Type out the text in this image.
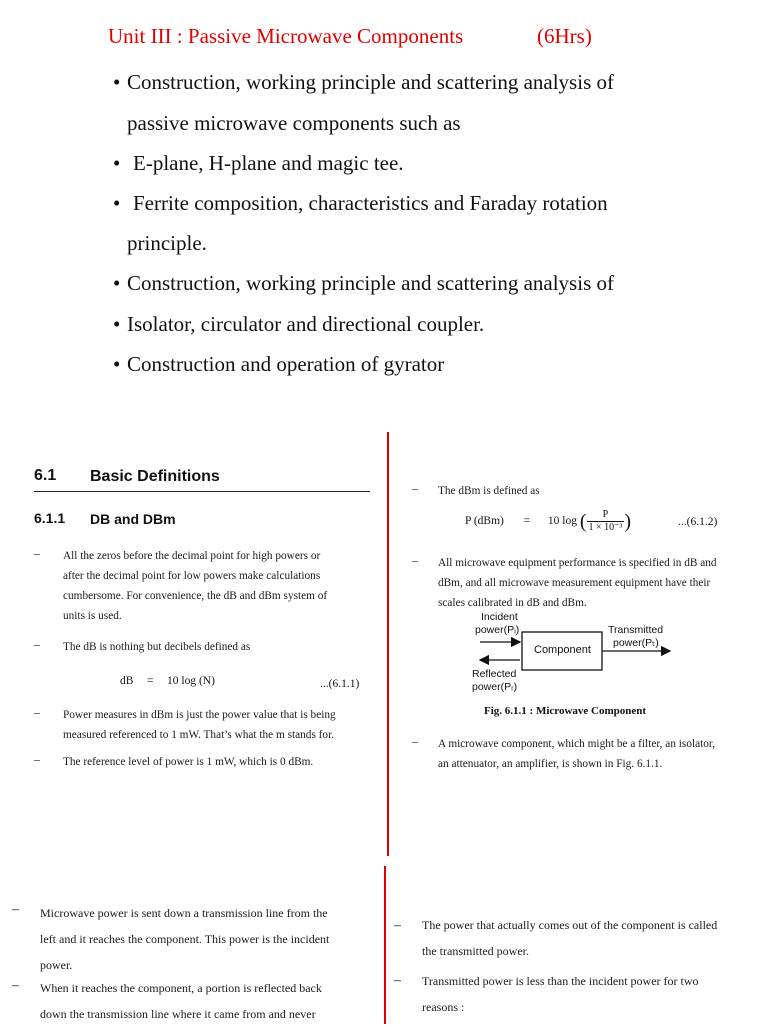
Unit III : Passive Microwave Components	(6Hrs)
• Construction, working principle and scattering analysis of
passive microwave components such as
• E-plane, H-plane and magic tee.
• Ferrite composition, characteristics and Faraday rotation
principle.
• Construction, working principle and scattering analysis of
• Isolator, circulator and directional coupler.
• Construction and operation of gyrator
6.1 Basic Definitions
6.1.1 DB and DBm
– All the zeros before the decimal point for high powers or
after the decimal point for low powers make calculations
cumbersome. For convenience, the dB and dBm system of
units is used.
– The dB is nothing but decibels defined as
dB = 10 log (N)	...(6.1.1)
– Power measures in dBm is just the power value that is being
measured referenced to 1 mW. That’s what the m stands for.
– The reference level of power is 1 mW, which is 0 dBm.
– The dBm is defined as
P (dBm) = 10 log ( $\frac{P}{\text{1 × 10⁻³}}$ )	...(6.1.2)
– All microwave equipment performance is specified in dB and
dBm, and all microwave measurement equipment have their
scales calibrated in dB and dBm.
Component
Incident
power(Pᵢ)	Transmitted
power(Pₜ)
Reflected
power(Pᵣ)
Fig. 6.1.1 : Microwave Component
– A microwave component, which might be a filter, an isolator,
an attenuator, an amplifier, is shown in Fig. 6.1.1.
– Microwave power is sent down a transmission line from the
left and it reaches the component. This power is the incident
power.
– When it reaches the component, a portion is reflected back
down the transmission line where it came from and never
– The power that actually comes out of the component is called
the transmitted power.
– Transmitted power is less than the incident power for two
reasons :
